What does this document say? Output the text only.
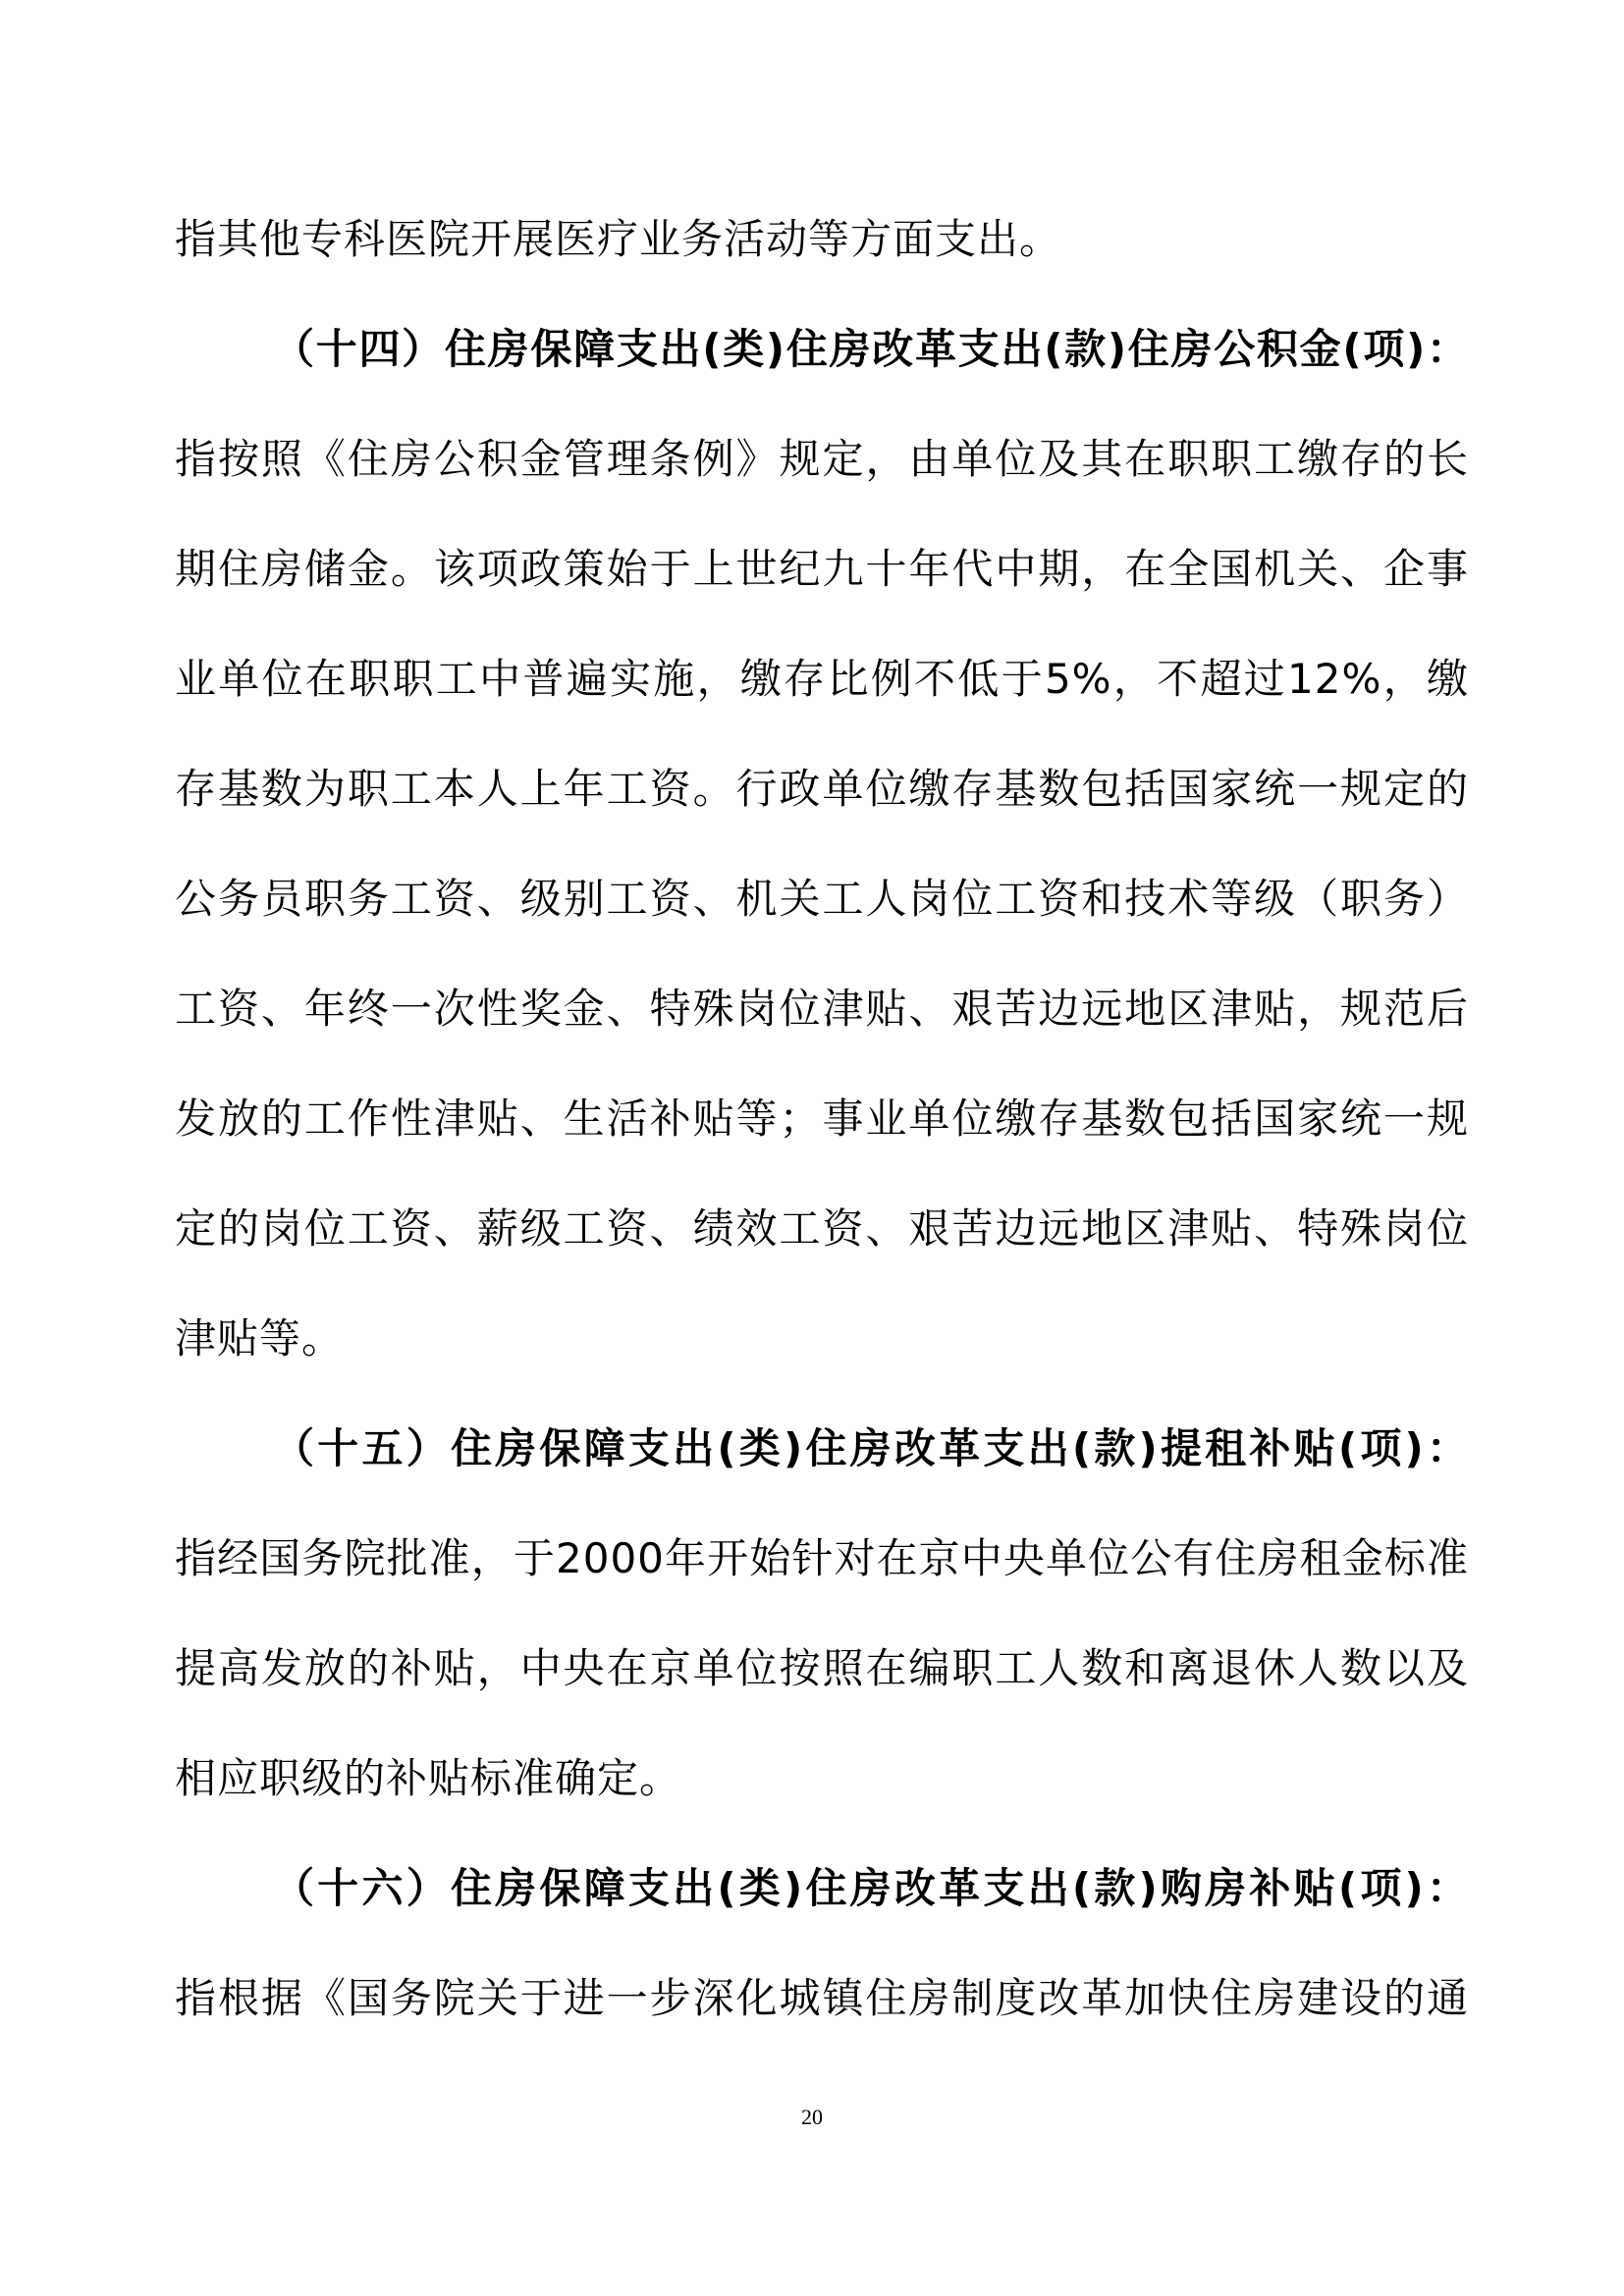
指其他专科医院开展医疗业务活动等方面支出。
（十四）住房保障支出(类)住房改革支出(款)住房公积金(项)：
指按照《住房公积金管理条例》规定，由单位及其在职职工缴存的长
期住房储金。该项政策始于上世纪九十年代中期，在全国机关、企事
业单位在职职工中普遍实施，缴存比例不低于5%，不超过12%，缴
存基数为职工本人上年工资。行政单位缴存基数包括国家统一规定的
公务员职务工资、级别工资、机关工人岗位工资和技术等级（职务）
工资、年终一次性奖金、特殊岗位津贴、艰苦边远地区津贴，规范后
发放的工作性津贴、生活补贴等；事业单位缴存基数包括国家统一规
定的岗位工资、薪级工资、绩效工资、艰苦边远地区津贴、特殊岗位
津贴等。
（十五）住房保障支出(类)住房改革支出(款)提租补贴(项)：
指经国务院批准，于2000年开始针对在京中央单位公有住房租金标准
提高发放的补贴，中央在京单位按照在编职工人数和离退休人数以及
相应职级的补贴标准确定。
（十六）住房保障支出(类)住房改革支出(款)购房补贴(项)：
指根据《国务院关于进一步深化城镇住房制度改革加快住房建设的通
20
